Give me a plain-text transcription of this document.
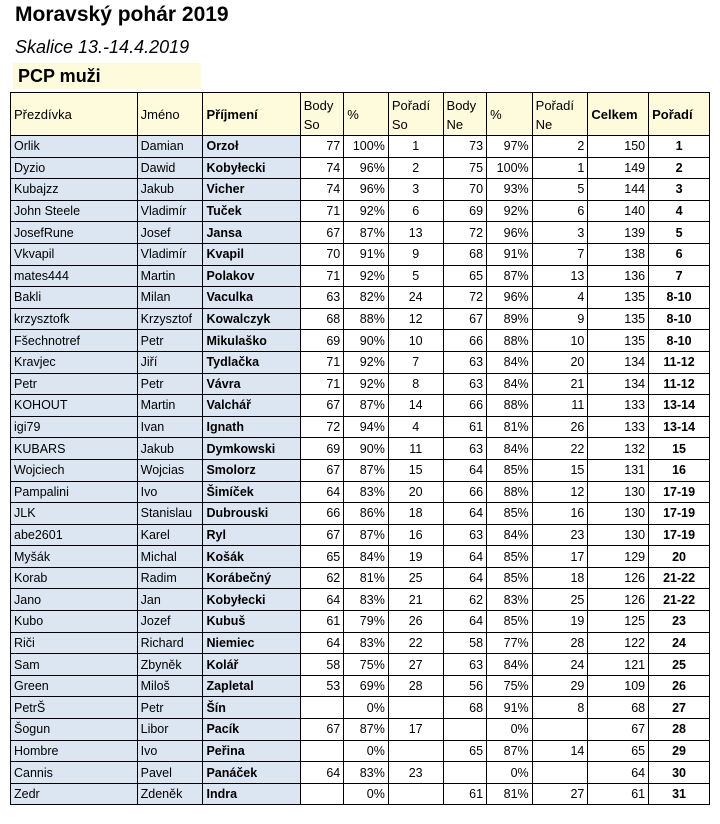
Moravský pohár 2019
Skalice 13.-14.4.2019
PCP muži
Přezdívka	Jméno	Příjmení	Body So	%	Pořadí So	Body Ne	%	Pořadí Ne	Celkem	Pořadí
Orlik	Damian	Orzoł	77	100%	1	73	97%	2	150	1
Dyzio	Dawid	Kobyłecki	74	96%	2	75	100%	1	149	2
Kubajzz	Jakub	Vicher	74	96%	3	70	93%	5	144	3
John Steele	Vladimír	Tuček	71	92%	6	69	92%	6	140	4
JosefRune	Josef	Jansa	67	87%	13	72	96%	3	139	5
Vkvapil	Vladimír	Kvapil	70	91%	9	68	91%	7	138	6
mates444	Martin	Polakov	71	92%	5	65	87%	13	136	7
Bakli	Milan	Vaculka	63	82%	24	72	96%	4	135	8-10
krzysztofk	Krzysztof	Kowalczyk	68	88%	12	67	89%	9	135	8-10
Fšechnotref	Petr	Mikulaško	69	90%	10	66	88%	10	135	8-10
Kravjec	Jiří	Tydlačka	71	92%	7	63	84%	20	134	11-12
Petr	Petr	Vávra	71	92%	8	63	84%	21	134	11-12
KOHOUT	Martin	Valchář	67	87%	14	66	88%	11	133	13-14
igi79	Ivan	Ignath	72	94%	4	61	81%	26	133	13-14
KUBARS	Jakub	Dymkowski	69	90%	11	63	84%	22	132	15
Wojciech	Wojcias	Smolorz	67	87%	15	64	85%	15	131	16
Pampalini	Ivo	Šimíček	64	83%	20	66	88%	12	130	17-19
JLK	Stanislau	Dubrouski	66	86%	18	64	85%	16	130	17-19
abe2601	Karel	Ryl	67	87%	16	63	84%	23	130	17-19
Myšák	Michal	Košák	65	84%	19	64	85%	17	129	20
Korab	Radim	Korábečný	62	81%	25	64	85%	18	126	21-22
Jano	Jan	Kobyłecki	64	83%	21	62	83%	25	126	21-22
Kubo	Jozef	Kubuš	61	79%	26	64	85%	19	125	23
Riči	Richard	Niemiec	64	83%	22	58	77%	28	122	24
Sam	Zbyněk	Kolář	58	75%	27	63	84%	24	121	25
Green	Miloš	Zapletal	53	69%	28	56	75%	29	109	26
PetrŠ	Petr	Šín		0%		68	91%	8	68	27
Šogun	Libor	Pacík	67	87%	17		0%		67	28
Hombre	Ivo	Peřina		0%		65	87%	14	65	29
Cannis	Pavel	Panáček	64	83%	23		0%		64	30
Zedr	Zdeněk	Indra		0%		61	81%	27	61	31
